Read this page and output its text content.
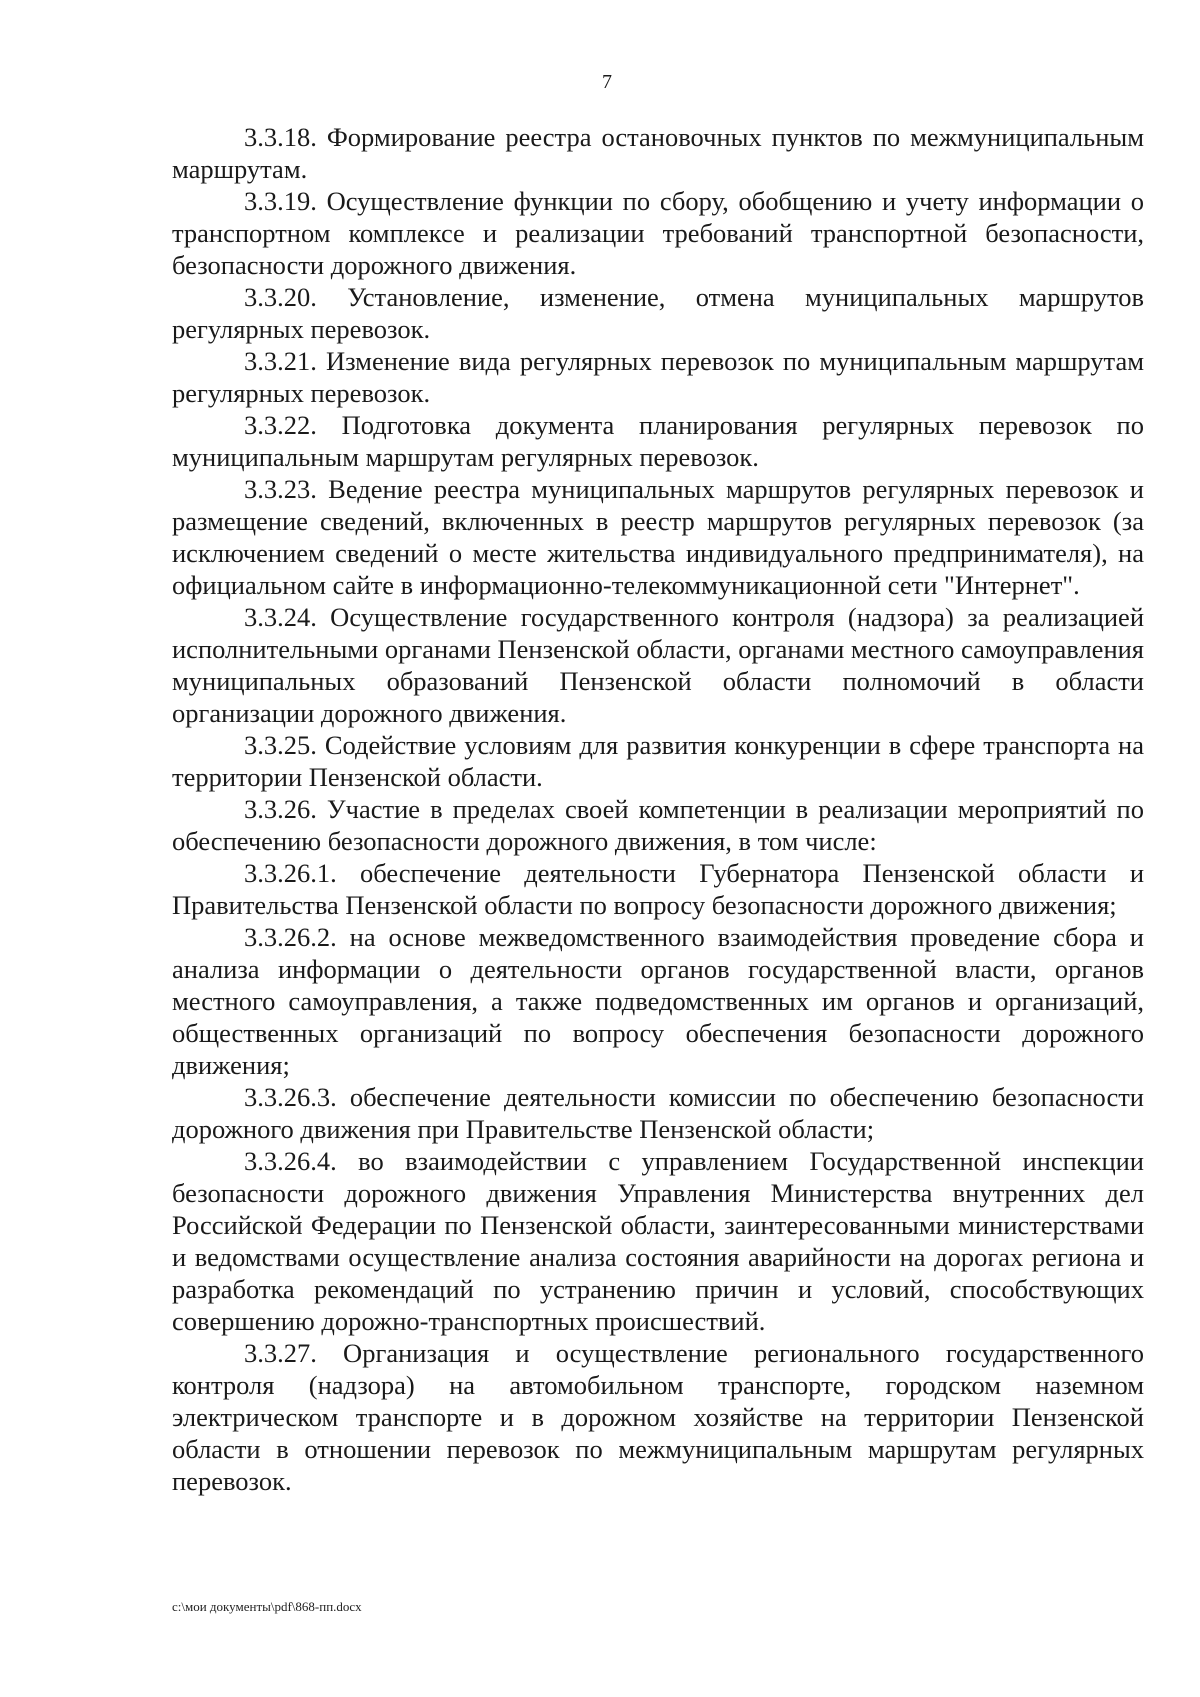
7

3.3.18. Формирование реестра остановочных пунктов по межмуниципальным маршрутам.

3.3.19. Осуществление функции по сбору, обобщению и учету информации о транспортном комплексе и реализации требований транспортной безопасности, безопасности дорожного движения.

3.3.20. Установление, изменение, отмена муниципальных маршрутов регулярных перевозок.

3.3.21. Изменение вида регулярных перевозок по муниципальным маршрутам регулярных перевозок.

3.3.22. Подготовка документа планирования регулярных перевозок по муниципальным маршрутам регулярных перевозок.

3.3.23. Ведение реестра муниципальных маршрутов регулярных перевозок и размещение сведений, включенных в реестр маршрутов регулярных перевозок (за исключением сведений о месте жительства индивидуального предпринимателя), на официальном сайте в информационно-телекоммуникационной сети "Интернет".

3.3.24. Осуществление государственного контроля (надзора) за реализацией исполнительными органами Пензенской области, органами местного самоуправления муниципальных образований Пензенской области полномочий в области организации дорожного движения.

3.3.25. Содействие условиям для развития конкуренции в сфере транспорта на территории Пензенской области.

3.3.26. Участие в пределах своей компетенции в реализации мероприятий по обеспечению безопасности дорожного движения, в том числе:

3.3.26.1. обеспечение деятельности Губернатора Пензенской области и Правительства Пензенской области по вопросу безопасности дорожного движения;

3.3.26.2. на основе межведомственного взаимодействия проведение сбора и анализа информации о деятельности органов государственной власти, органов местного самоуправления, а также подведомственных им органов и организаций, общественных организаций по вопросу обеспечения безопасности дорожного движения;

3.3.26.3. обеспечение деятельности комиссии по обеспечению безопасности дорожного движения при Правительстве Пензенской области;

3.3.26.4. во взаимодействии с управлением Государственной инспекции безопасности дорожного движения Управления Министерства внутренних дел Российской Федерации по Пензенской области, заинтересованными министерствами и ведомствами осуществление анализа состояния аварийности на дорогах региона и разработка рекомендаций по устранению причин и условий, способствующих совершению дорожно-транспортных происшествий.

3.3.27. Организация и осуществление регионального государственного контроля (надзора) на автомобильном транспорте, городском наземном электрическом транспорте и в дорожном хозяйстве на территории Пензенской области в отношении перевозок по межмуниципальным маршрутам регулярных перевозок.

c:\мои документы\pdf\868-пп.docx
